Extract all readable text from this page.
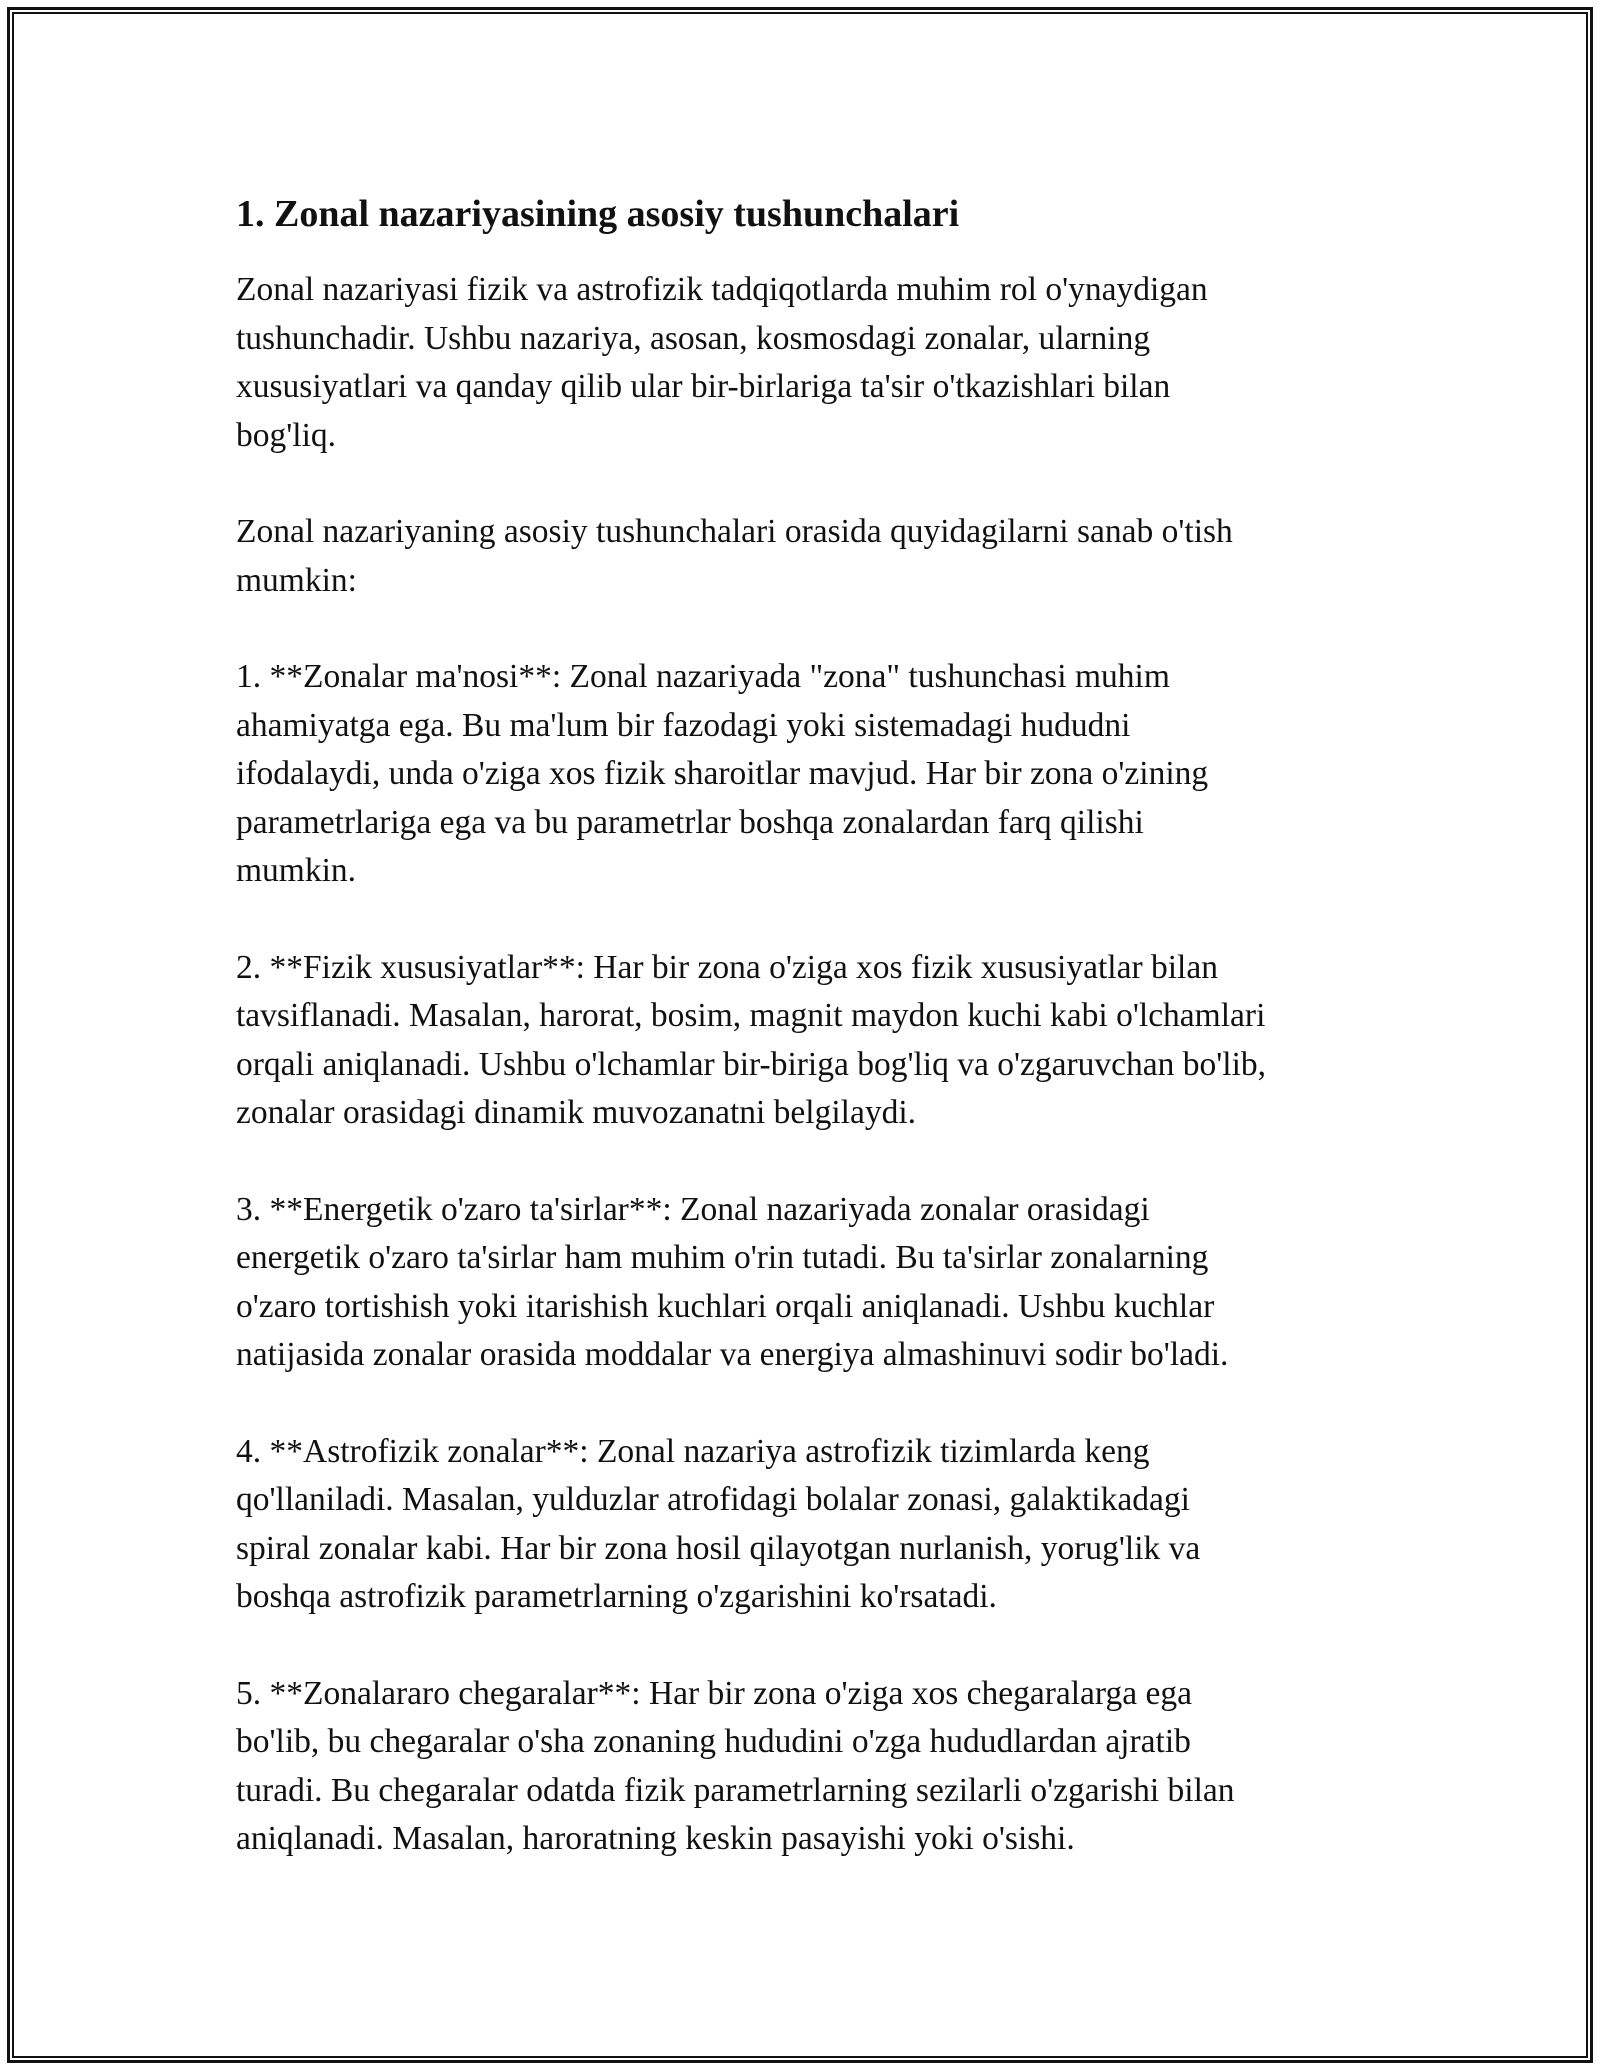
1. Zonal nazariyasining asosiy tushunchalari

Zonal nazariyasi fizik va astrofizik tadqiqotlarda muhim rol o'ynaydigan
tushunchadir. Ushbu nazariya, asosan, kosmosdagi zonalar, ularning
xususiyatlari va qanday qilib ular bir-birlariga ta'sir o'tkazishlari bilan
bog'liq.

Zonal nazariyaning asosiy tushunchalari orasida quyidagilarni sanab o'tish
mumkin:

1. **Zonalar ma'nosi**: Zonal nazariyada "zona" tushunchasi muhim
ahamiyatga ega. Bu ma'lum bir fazodagi yoki sistemadagi hududni
ifodalaydi, unda o'ziga xos fizik sharoitlar mavjud. Har bir zona o'zining
parametrlariga ega va bu parametrlar boshqa zonalardan farq qilishi
mumkin.

2. **Fizik xususiyatlar**: Har bir zona o'ziga xos fizik xususiyatlar bilan
tavsiflanadi. Masalan, harorat, bosim, magnit maydon kuchi kabi o'lchamlari
orqali aniqlanadi. Ushbu o'lchamlar bir-biriga bog'liq va o'zgaruvchan bo'lib,
zonalar orasidagi dinamik muvozanatni belgilaydi.

3. **Energetik o'zaro ta'sirlar**: Zonal nazariyada zonalar orasidagi
energetik o'zaro ta'sirlar ham muhim o'rin tutadi. Bu ta'sirlar zonalarning
o'zaro tortishish yoki itarishish kuchlari orqali aniqlanadi. Ushbu kuchlar
natijasida zonalar orasida moddalar va energiya almashinuvi sodir bo'ladi.

4. **Astrofizik zonalar**: Zonal nazariya astrofizik tizimlarda keng
qo'llaniladi. Masalan, yulduzlar atrofidagi bolalar zonasi, galaktikadagi
spiral zonalar kabi. Har bir zona hosil qilayotgan nurlanish, yorug'lik va
boshqa astrofizik parametrlarning o'zgarishini ko'rsatadi.

5. **Zonalararo chegaralar**: Har bir zona o'ziga xos chegaralarga ega
bo'lib, bu chegaralar o'sha zonaning hududini o'zga hududlardan ajratib
turadi. Bu chegaralar odatda fizik parametrlarning sezilarli o'zgarishi bilan
aniqlanadi. Masalan, haroratning keskin pasayishi yoki o'sishi.
